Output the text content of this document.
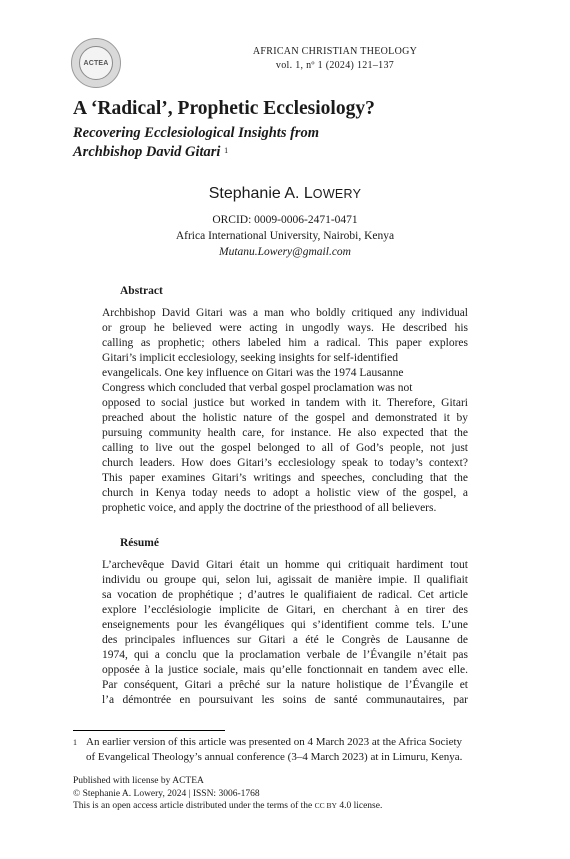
ACTEA
AFRICAN CHRISTIAN THEOLOGY
vol. 1, nº 1 (2024) 121–137
A ‘Radical’, Prophetic Ecclesiology?
Recovering Ecclesiological Insights from
Archbishop David Gitari $^1$
Stephanie A. LOWERY
ORCID: 0009-0006-2471-0471
Africa International University, Nairobi, Kenya
Mutanu.Lowery@gmail.com
Abstract
Archbishop David Gitari was a man who boldly critiqued any individual
or group he believed were acting in ungodly ways. He described his
calling as prophetic; others labeled him a radical. This paper explores
Gitari’s implicit ecclesiology, seeking insights for self-identified
evangelicals. One key influence on Gitari was the 1974 Lausanne
Congress which concluded that verbal gospel proclamation was not
opposed to social justice but worked in tandem with it. Therefore, Gitari
preached about the holistic nature of the gospel and demonstrated it by
pursuing community health care, for instance. He also expected that the
calling to live out the gospel belonged to all of God’s people, not just
church leaders. How does Gitari’s ecclesiology speak to today’s context?
This paper examines Gitari’s writings and speeches, concluding that the
church in Kenya today needs to adopt a holistic view of the gospel, a
prophetic voice, and apply the doctrine of the priesthood of all believers.
Résumé
L’archevêque David Gitari était un homme qui critiquait hardiment tout
individu ou groupe qui, selon lui, agissait de manière impie. Il qualifiait
sa vocation de prophétique ; d’autres le qualifiaient de radical. Cet article
explore l’ecclésiologie implicite de Gitari, en cherchant à en tirer des
enseignements pour les évangéliques qui s’identifient comme tels. L’une
des principales influences sur Gitari a été le Congrès de Lausanne de
1974, qui a conclu que la proclamation verbale de l’Évangile n’était pas
opposée à la justice sociale, mais qu’elle fonctionnait en tandem avec elle.
Par conséquent, Gitari a prêché sur la nature holistique de l’Évangile et
l’a démontrée en poursuivant les soins de santé communautaires, par
1 An earlier version of this article was presented on 4 March 2023 at the Africa Society
of Evangelical Theology’s annual conference (3–4 March 2023) at in Limuru, Kenya.
Published with license by ACTEA
© Stephanie A. Lowery, 2024 | ISSN: 3006-1768
This is an open access article distributed under the terms of the CC BY 4.0 license.
